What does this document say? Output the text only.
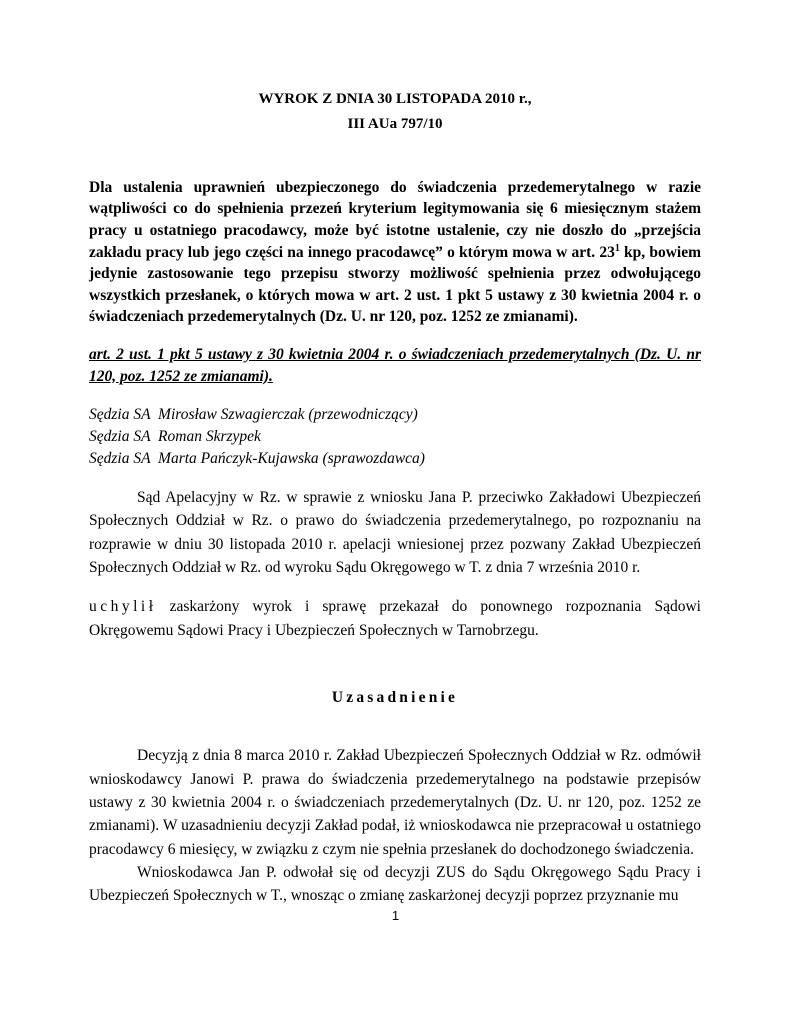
WYROK Z DNIA 30 LISTOPADA 2010 r.,

III AUa 797/10

Dla ustalenia uprawnień ubezpieczonego do świadczenia przedemerytalnego w razie wątpliwości co do spełnienia przezeń kryterium legitymowania się 6 miesięcznym stażem pracy u ostatniego pracodawcy, może być istotne ustalenie, czy nie doszło do „przejścia zakładu pracy lub jego części na innego pracodawcę” o którym mowa w art. $23^1$ kp, bowiem jedynie zastosowanie tego przepisu stworzy możliwość spełnienia przez odwołującego wszystkich przesłanek, o których mowa w art. 2 ust. 1 pkt 5 ustawy z 30 kwietnia 2004 r. o świadczeniach przedemerytalnych (Dz. U. nr 120, poz. 1252 ze zmianami).

art. 2 ust. 1 pkt 5 ustawy z 30 kwietnia 2004 r. o świadczeniach przedemerytalnych (Dz. U. nr 120, poz. 1252 ze zmianami).

Sędzia SA  Mirosław Szwagierczak (przewodniczący)
Sędzia SA  Roman Skrzypek
Sędzia SA  Marta Pańczyk-Kujawska (sprawozdawca)

Sąd Apelacyjny w Rz. w sprawie z wniosku Jana P. przeciwko Zakładowi Ubezpieczeń Społecznych Oddział w Rz. o prawo do świadczenia przedemerytalnego, po rozpoznaniu na rozprawie w dniu 30 listopada 2010 r. apelacji wniesionej przez pozwany Zakład Ubezpieczeń Społecznych Oddział w Rz. od wyroku Sądu Okręgowego w T. z dnia 7 września 2010 r.

uchylił zaskarżony wyrok i sprawę przekazał do ponownego rozpoznania Sądowi Okręgowemu Sądowi Pracy i Ubezpieczeń Społecznych w Tarnobrzegu.

Uzasadnienie

Decyzją z dnia 8 marca 2010 r. Zakład Ubezpieczeń Społecznych Oddział w Rz. odmówił wnioskodawcy Janowi P. prawa do świadczenia przedemerytalnego na podstawie przepisów ustawy z 30 kwietnia 2004 r. o świadczeniach przedemerytalnych (Dz. U. nr 120, poz. 1252 ze zmianami). W uzasadnieniu decyzji Zakład podał, iż wnioskodawca nie przepracował u ostatniego pracodawcy 6 miesięcy, w związku z czym nie spełnia przesłanek do dochodzonego świadczenia.

Wnioskodawca Jan P. odwołał się od decyzji ZUS do Sądu Okręgowego Sądu Pracy i Ubezpieczeń Społecznych w T., wnosząc o zmianę zaskarżonej decyzji poprzez przyznanie mu

1
